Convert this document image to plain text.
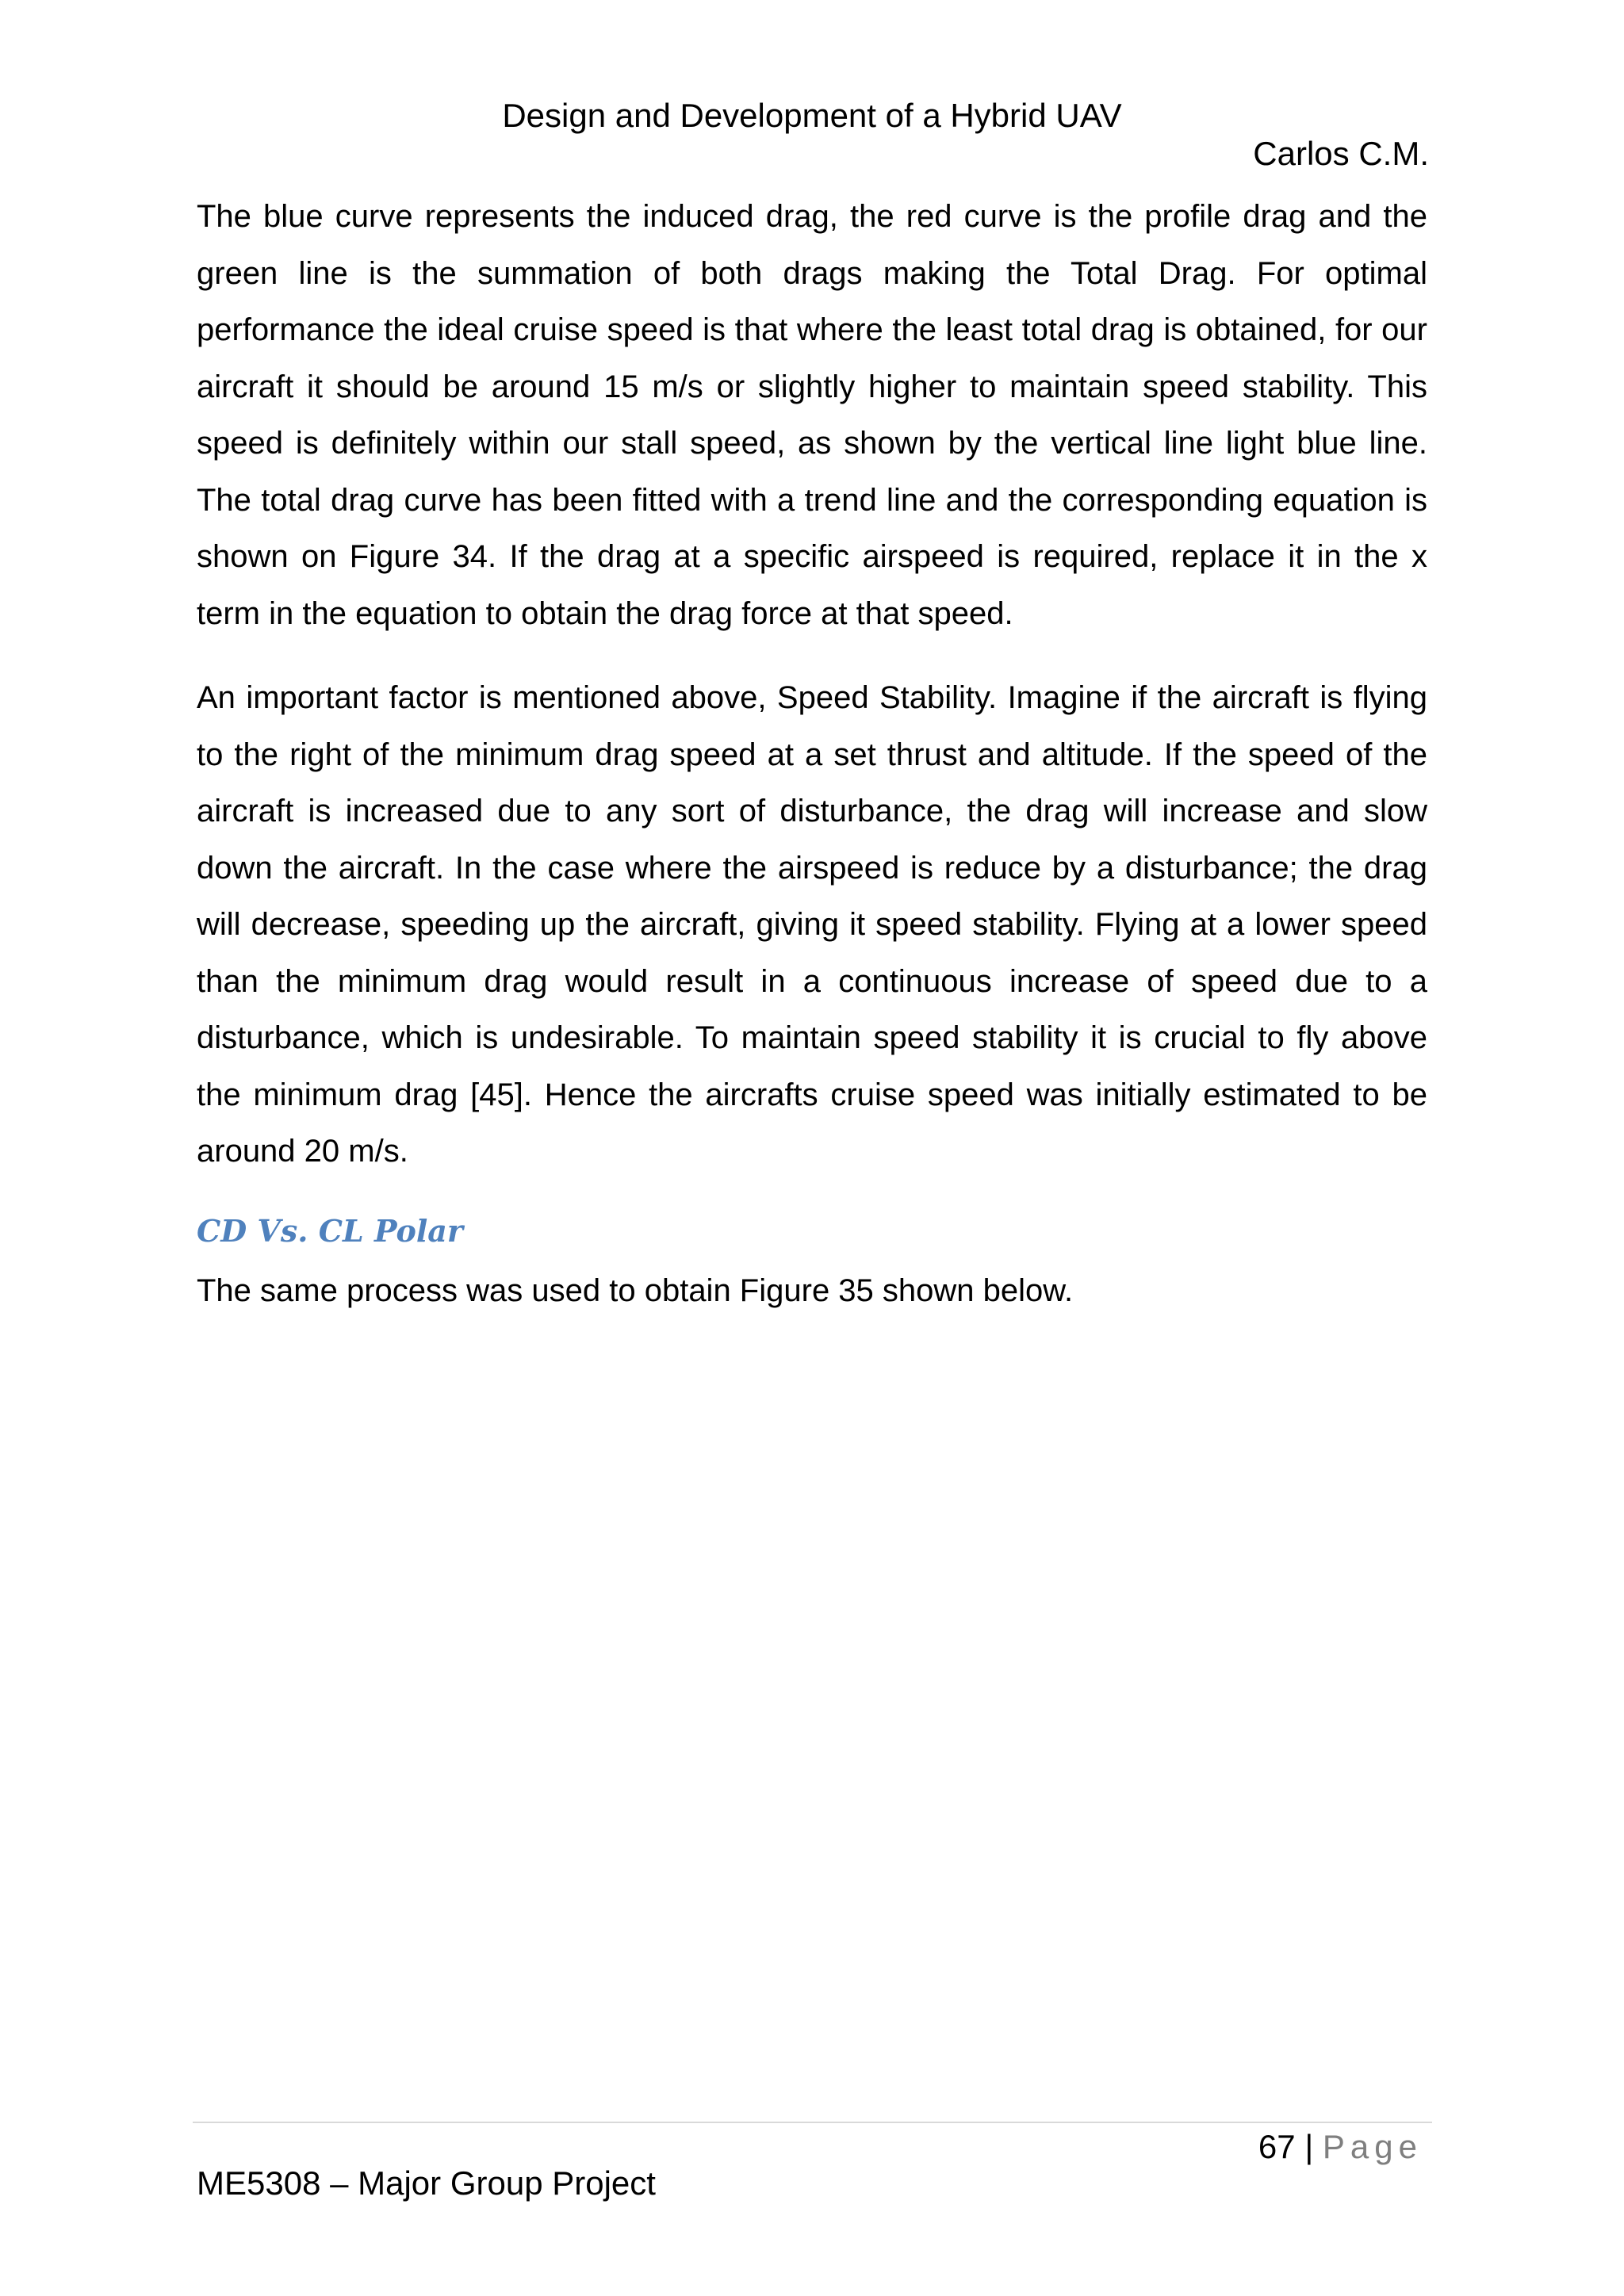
Design and Development of a Hybrid UAV
Carlos C.M.

The blue curve represents the induced drag, the red curve is the profile drag and the green line is the summation of both drags making the Total Drag. For optimal performance the ideal cruise speed is that where the least total drag is obtained, for our aircraft it should be around 15 m/s or slightly higher to maintain speed stability. This speed is definitely within our stall speed, as shown by the vertical line light blue line. The total drag curve has been fitted with a trend line and the corresponding equation is shown on Figure 34. If the drag at a specific airspeed is required, replace it in the x term in the equation to obtain the drag force at that speed.

An important factor is mentioned above, Speed Stability. Imagine if the aircraft is flying to the right of the minimum drag speed at a set thrust and altitude. If the speed of the aircraft is increased due to any sort of disturbance, the drag will increase and slow down the aircraft. In the case where the airspeed is reduce by a disturbance; the drag will decrease, speeding up the aircraft, giving it speed stability. Flying at a lower speed than the minimum drag would result in a continuous increase of speed due to a disturbance, which is undesirable. To maintain speed stability it is crucial to fly above the minimum drag [45]. Hence the aircrafts cruise speed was initially estimated to be around 20 m/s.

CD Vs. CL Polar

The same process was used to obtain Figure 35 shown below.

67 | Page
ME5308 – Major Group Project
